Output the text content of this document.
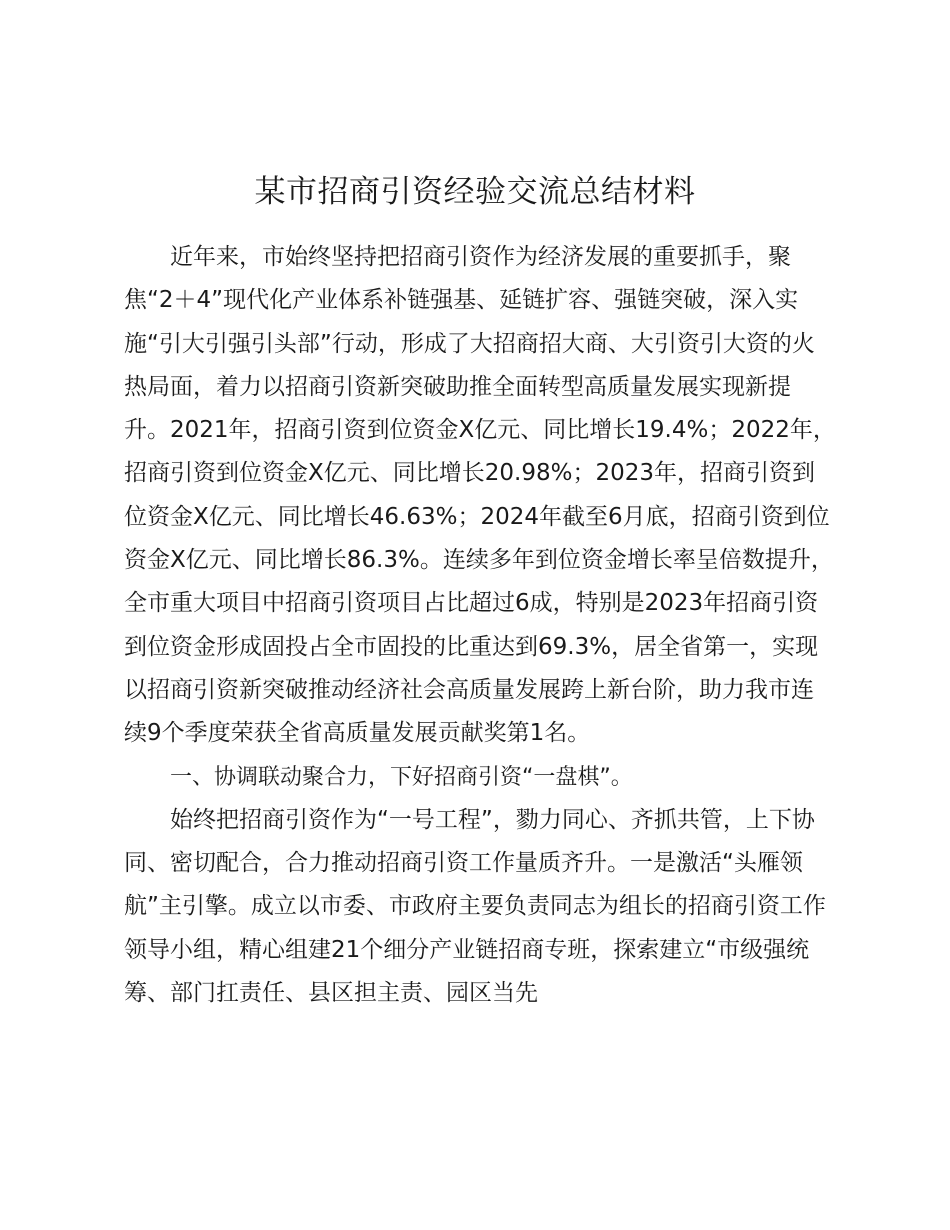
某市招商引资经验交流总结材料

近年来，市始终坚持把招商引资作为经济发展的重要抓手，聚焦“2＋4”现代化产业体系补链强基、延链扩容、强链突破，深入实施“引大引强引头部”行动，形成了大招商招大商、大引资引大资的火热局面，着力以招商引资新突破助推全面转型高质量发展实现新提升。2021年，招商引资到位资金X亿元、同比增长19.4%；2022年，招商引资到位资金X亿元、同比增长20.98%；2023年，招商引资到位资金X亿元、同比增长46.63%；2024年截至6月底，招商引资到位资金X亿元、同比增长86.3%。连续多年到位资金增长率呈倍数提升，全市重大项目中招商引资项目占比超过6成，特别是2023年招商引资到位资金形成固投占全市固投的比重达到69.3%，居全省第一，实现以招商引资新突破推动经济社会高质量发展跨上新台阶，助力我市连续9个季度荣获全省高质量发展贡献奖第1名。

一、协调联动聚合力，下好招商引资“一盘棋”。

始终把招商引资作为“一号工程”，勠力同心、齐抓共管，上下协同、密切配合，合力推动招商引资工作量质齐升。一是激活“头雁领航”主引擎。成立以市委、市政府主要负责同志为组长的招商引资工作领导小组，精心组建21个细分产业链招商专班，探索建立“市级强统筹、部门扛责任、县区担主责、园区当先
